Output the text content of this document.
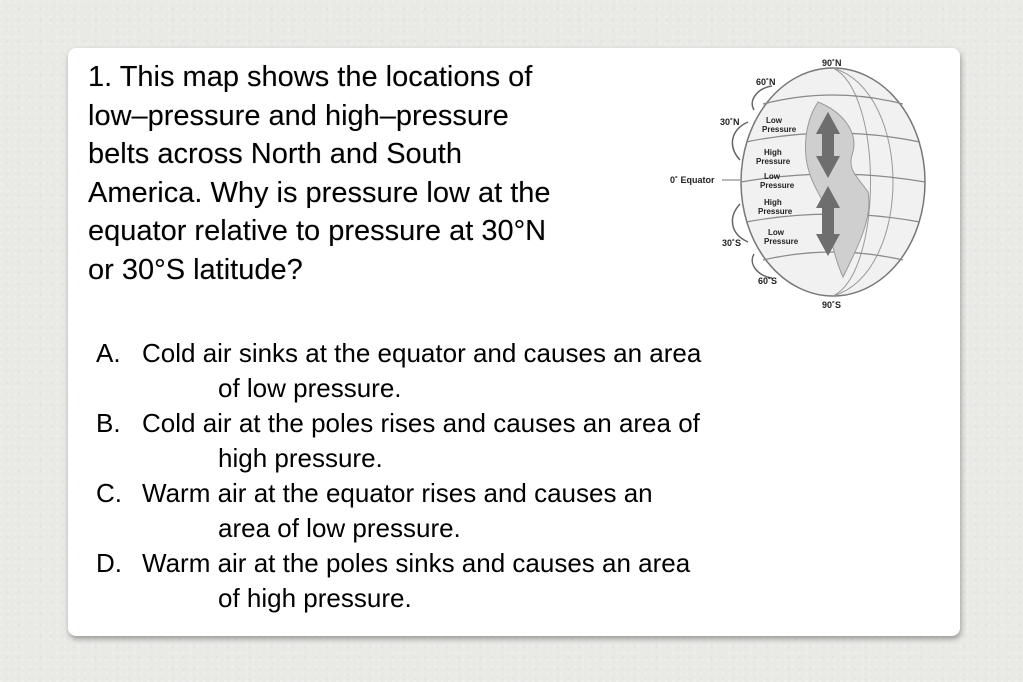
1. This map shows the locations of
low–pressure and high–pressure
belts across North and South
America. Why is pressure low at the
equator relative to pressure at 30°N
or 30°S latitude?
90˚N
60˚N
30˚N
0˚ Equator
30˚S
60˚S
90˚S
Low
Pressure
High
Pressure
Low
Pressure
High
Pressure
Low
Pressure
A. Cold air sinks at the equator and causes an area
of low pressure.
B. Cold air at the poles rises and causes an area of
high pressure.
C. Warm air at the equator rises and causes an
area of low pressure.
D. Warm air at the poles sinks and causes an area
of high pressure.
